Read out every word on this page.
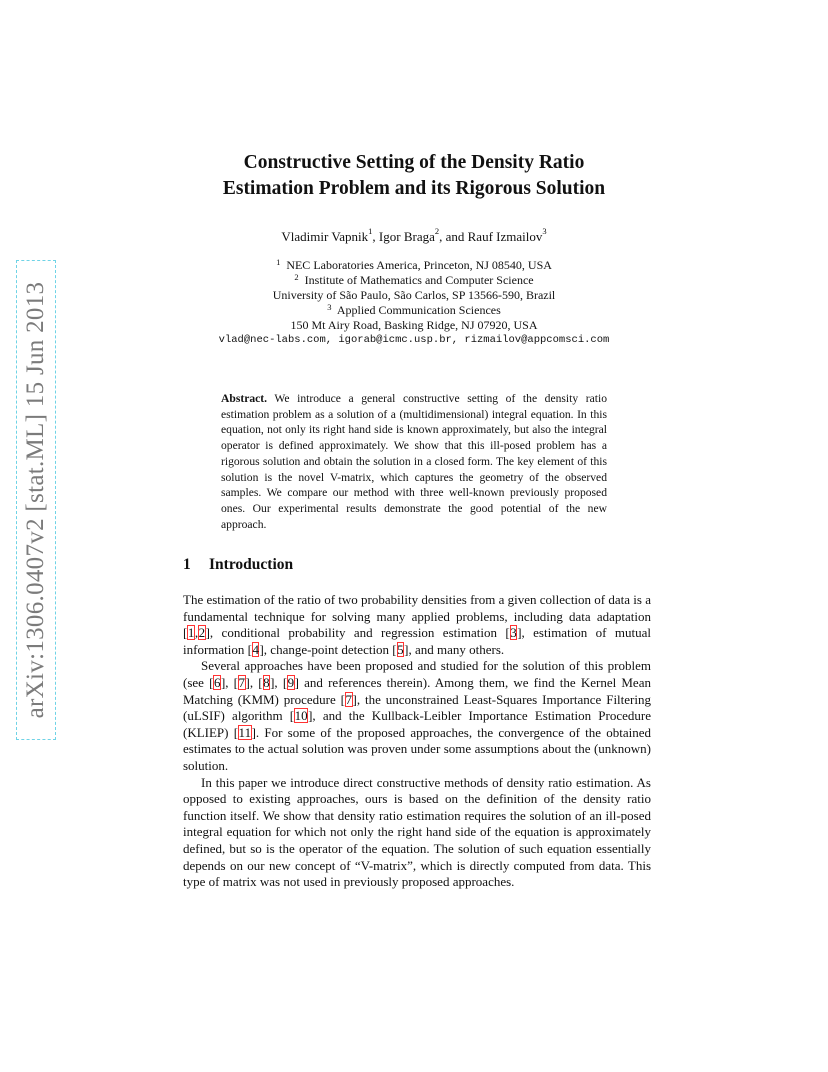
arXiv:1306.0407v2 [stat.ML] 15 Jun 2013
Constructive Setting of the Density Ratio
Estimation Problem and its Rigorous Solution
Vladimir Vapnik$^1$, Igor Braga$^2$, and Rauf Izmailov$^3$
$^1$ NEC Laboratories America, Princeton, NJ 08540, USA
$^2$ Institute of Mathematics and Computer Science
University of São Paulo, São Carlos, SP 13566-590, Brazil
$^3$ Applied Communication Sciences
150 Mt Airy Road, Basking Ridge, NJ 07920, USA
vlad@nec-labs.com, igorab@icmc.usp.br, rizmailov@appcomsci.com
Abstract. We introduce a general constructive setting of the density ratio estimation problem as a solution of a (multidimensional) integral equation. In this equation, not only its right hand side is known approximately, but also the integral operator is defined approximately. We show that this ill-posed problem has a rigorous solution and obtain the solution in a closed form. The key element of this solution is the novel V-matrix, which captures the geometry of the observed samples. We compare our method with three well-known previously proposed ones. Our experimental results demonstrate the good potential of the new approach.
1 Introduction

The estimation of the ratio of two probability densities from a given collection of data is a fundamental technique for solving many applied problems, including data adaptation [1,2], conditional probability and regression estimation [3], estimation of mutual information [4], change-point detection [5], and many others.

Several approaches have been proposed and studied for the solution of this problem (see [6], [7], [8], [9] and references therein). Among them, we find the Kernel Mean Matching (KMM) procedure [7], the unconstrained Least-Squares Importance Filtering (uLSIF) algorithm [10], and the Kullback-Leibler Importance Estimation Procedure (KLIEP) [11]. For some of the proposed approaches, the convergence of the obtained estimates to the actual solution was proven under some assumptions about the (unknown) solution.

In this paper we introduce direct constructive methods of density ratio estimation. As opposed to existing approaches, ours is based on the definition of the density ratio function itself. We show that density ratio estimation requires the solution of an ill-posed integral equation for which not only the right hand side of the equation is approximately defined, but so is the operator of the equation. The solution of such equation essentially depends on our new concept of “V-matrix”, which is directly computed from data. This type of matrix was not used in previously proposed approaches.
